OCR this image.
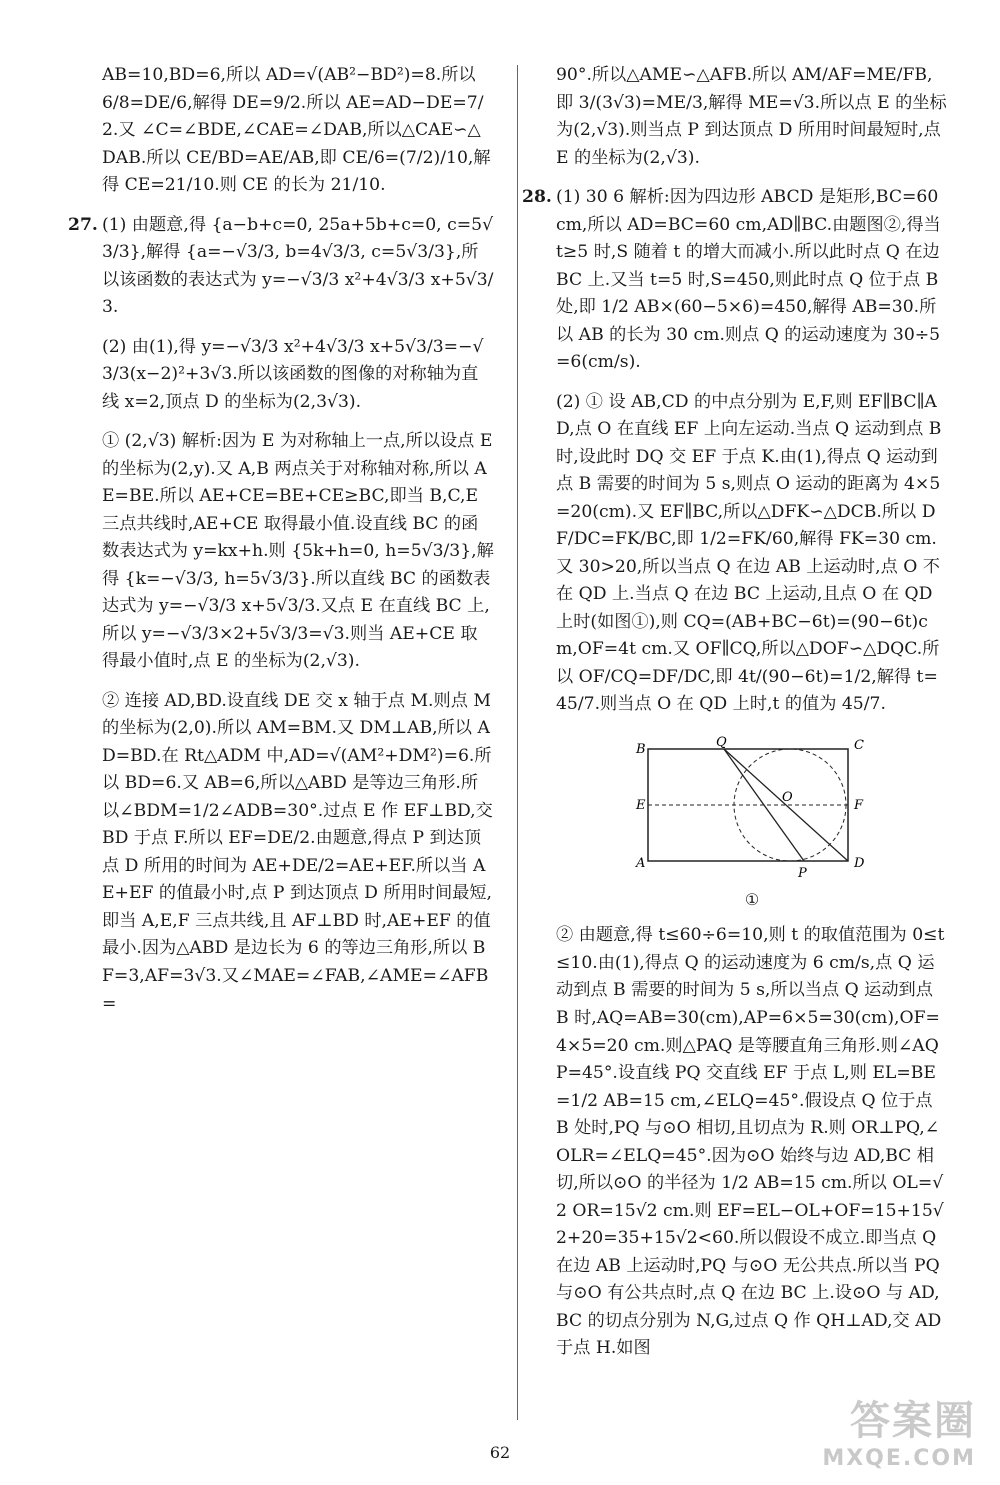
AB=10,BD=6,所以 AD=√(AB²−BD²)=8.所以 6/8=DE/6,解得 DE=9/2.所以 AE=AD−DE=7/2.又 ∠C=∠BDE,∠CAE=∠DAB,所以△CAE∽△DAB.所以 CE/BD=AE/AB,即 CE/6=(7/2)/10,解得 CE=21/10.则 CE 的长为 21/10.
27. (1) 由题意,得 {a−b+c=0, 25a+5b+c=0, c=5√3/3},解得 {a=−√3/3, b=4√3/3, c=5√3/3},所以该函数的表达式为 y=−√3/3 x²+4√3/3 x+5√3/3.
(2) 由(1),得 y=−√3/3 x²+4√3/3 x+5√3/3=−√3/3(x−2)²+3√3.所以该函数的图像的对称轴为直线 x=2,顶点 D 的坐标为(2,3√3).
① (2,√3) 解析:因为 E 为对称轴上一点,所以设点 E 的坐标为(2,y).又 A,B 两点关于对称轴对称,所以 AE=BE.所以 AE+CE=BE+CE≥BC,即当 B,C,E 三点共线时,AE+CE 取得最小值.设直线 BC 的函数表达式为 y=kx+h.则 {5k+h=0, h=5√3/3},解得 {k=−√3/3, h=5√3/3}.所以直线 BC 的函数表达式为 y=−√3/3 x+5√3/3.又点 E 在直线 BC 上,所以 y=−√3/3×2+5√3/3=√3.则当 AE+CE 取得最小值时,点 E 的坐标为(2,√3).
② 连接 AD,BD.设直线 DE 交 x 轴于点 M.则点 M 的坐标为(2,0).所以 AM=BM.又 DM⊥AB,所以 AD=BD.在 Rt△ADM 中,AD=√(AM²+DM²)=6.所以 BD=6.又 AB=6,所以△ABD 是等边三角形.所以∠BDM=1/2∠ADB=30°.过点 E 作 EF⊥BD,交 BD 于点 F.所以 EF=DE/2.由题意,得点 P 到达顶点 D 所用的时间为 AE+DE/2=AE+EF.所以当 AE+EF 的值最小时,点 P 到达顶点 D 所用时间最短,即当 A,E,F 三点共线,且 AF⊥BD 时,AE+EF 的值最小.因为△ABD 是边长为 6 的等边三角形,所以 BF=3,AF=3√3.又∠MAE=∠FAB,∠AME=∠AFB=
90°.所以△AME∽△AFB.所以 AM/AF=ME/FB,即 3/(3√3)=ME/3,解得 ME=√3.所以点 E 的坐标为(2,√3).则当点 P 到达顶点 D 所用时间最短时,点 E 的坐标为(2,√3).
28. (1) 30 6 解析:因为四边形 ABCD 是矩形,BC=60 cm,所以 AD=BC=60 cm,AD∥BC.由题图②,得当 t≥5 时,S 随着 t 的增大而减小.所以此时点 Q 在边 BC 上.又当 t=5 时,S=450,则此时点 Q 位于点 B 处,即 1/2 AB×(60−5×6)=450,解得 AB=30.所以 AB 的长为 30 cm.则点 Q 的运动速度为 30÷5=6(cm/s).
(2) ① 设 AB,CD 的中点分别为 E,F,则 EF∥BC∥AD,点 O 在直线 EF 上向左运动.当点 Q 运动到点 B 时,设此时 DQ 交 EF 于点 K.由(1),得点 Q 运动到点 B 需要的时间为 5 s,则点 O 运动的距离为 4×5=20(cm).又 EF∥BC,所以△DFK∽△DCB.所以 DF/DC=FK/BC,即 1/2=FK/60,解得 FK=30 cm.又 30>20,所以当点 Q 在边 AB 上运动时,点 O 不在 QD 上.当点 Q 在边 BC 上运动,且点 O 在 QD 上时(如图①),则 CQ=(AB+BC−6t)=(90−6t)cm,OF=4t cm.又 OF∥CQ,所以△DOF∽△DQC.所以 OF/CQ=DF/DC,即 4t/(90−6t)=1/2,解得 t=45/7.则当点 O 在 QD 上时,t 的值为 45/7.
B	C
E	F
A	D
Q
O
P
①
② 由题意,得 t≤60÷6=10,则 t 的取值范围为 0≤t≤10.由(1),得点 Q 的运动速度为 6 cm/s,点 Q 运动到点 B 需要的时间为 5 s,所以当点 Q 运动到点 B 时,AQ=AB=30(cm),AP=6×5=30(cm),OF=4×5=20 cm.则△PAQ 是等腰直角三角形.则∠AQP=45°.设直线 PQ 交直线 EF 于点 L,则 EL=BE=1/2 AB=15 cm,∠ELQ=45°.假设点 Q 位于点 B 处时,PQ 与⊙O 相切,且切点为 R.则 OR⊥PQ,∠OLR=∠ELQ=45°.因为⊙O 始终与边 AD,BC 相切,所以⊙O 的半径为 1/2 AB=15 cm.所以 OL=√2 OR=15√2 cm.则 EF=EL−OL+OF=15+15√2+20=35+15√2<60.所以假设不成立.即当点 Q 在边 AB 上运动时,PQ 与⊙O 无公共点.所以当 PQ 与⊙O 有公共点时,点 Q 在边 BC 上.设⊙O 与 AD,BC 的切点分别为 N,G,过点 Q 作 QH⊥AD,交 AD 于点 H.如图
62
答案圈
MXQE.COM
